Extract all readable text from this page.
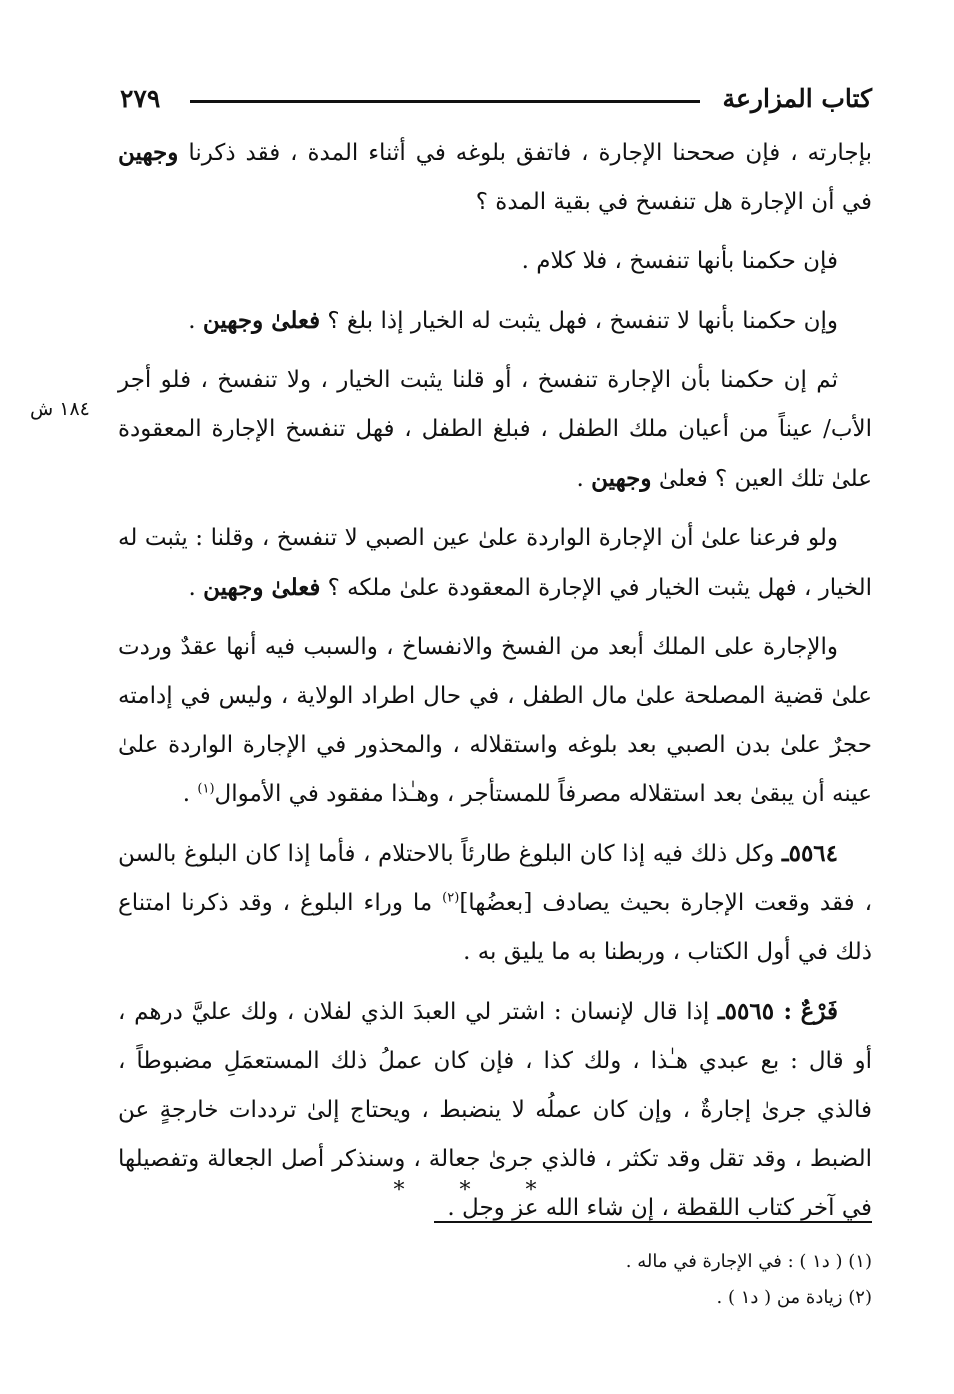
كتاب المزارعة
٢٧٩
١٨٤ ش

بإجارته ، فإن صححنا الإجارة ، فاتفق بلوغه في أثناء المدة ، فقد ذكرنا وجهين في أن الإجارة هل تنفسخ في بقية المدة ؟

فإن حكمنا بأنها تنفسخ ، فلا كلام .

وإن حكمنا بأنها لا تنفسخ ، فهل يثبت له الخيار إذا بلغ ؟ فعلىٰ وجهين .

ثم إن حكمنا بأن الإجارة تنفسخ ، أو قلنا يثبت الخيار ، ولا تنفسخ ، فلو أجر الأب/ عيناً من أعيان ملك الطفل ، فبلغ الطفل ، فهل تنفسخ الإجارة المعقودة علىٰ تلك العين ؟ فعلىٰ وجهين .

ولو فرعنا علىٰ أن الإجارة الواردة علىٰ عين الصبي لا تنفسخ ، وقلنا : يثبت له الخيار ، فهل يثبت الخيار في الإجارة المعقودة علىٰ ملكه ؟ فعلىٰ وجهين .

والإجارة على الملك أبعد من الفسخ والانفساخ ، والسبب فيه أنها عقدٌ وردت علىٰ قضية المصلحة علىٰ مال الطفل ، في حال اطراد الولاية ، وليس في إدامته حجرٌ علىٰ بدن الصبي بعد بلوغه واستقلاله ، والمحذور في الإجارة الواردة علىٰ عينه أن يبقىٰ بعد استقلاله مصرفاً للمستأجر ، وهـٰذا مفقود في الأموال$^{(١)}$ .

٥٥٦٤ـ وكل ذلك فيه إذا كان البلوغ طارئاً بالاحتلام ، فأما إذا كان البلوغ بالسن ، فقد وقعت الإجارة بحيث يصادف [بعضُها]$^{(٢)}$ ما وراء البلوغ ، وقد ذكرنا امتناع ذلك في أول الكتاب ، وربطنا به ما يليق به .

فَرْعٌ : ٥٥٦٥ـ إذا قال لإنسان : اشتر لي العبدَ الذي لفلان ، ولك عليَّ درهم ، أو قال : بع عبدي هـٰذا ، ولك كذا ، فإن كان عملُ ذلك المستعمَلِ مضبوطاً ، فالذي جرىٰ إجارةٌ ، وإن كان عملُه لا ينضبط ، ويحتاج إلىٰ ترددات خارجةٍ عن الضبط ، وقد تقل وقد تكثر ، فالذي جرىٰ جعالة ، وسنذكر أصل الجعالة وتفصيلها في آخر كتاب اللقطة ، إن شاء الله عز وجل .

* * *
(١) ( د١ ) : في الإجارة في ماله .
(٢) زيادة من ( د١ ) .
